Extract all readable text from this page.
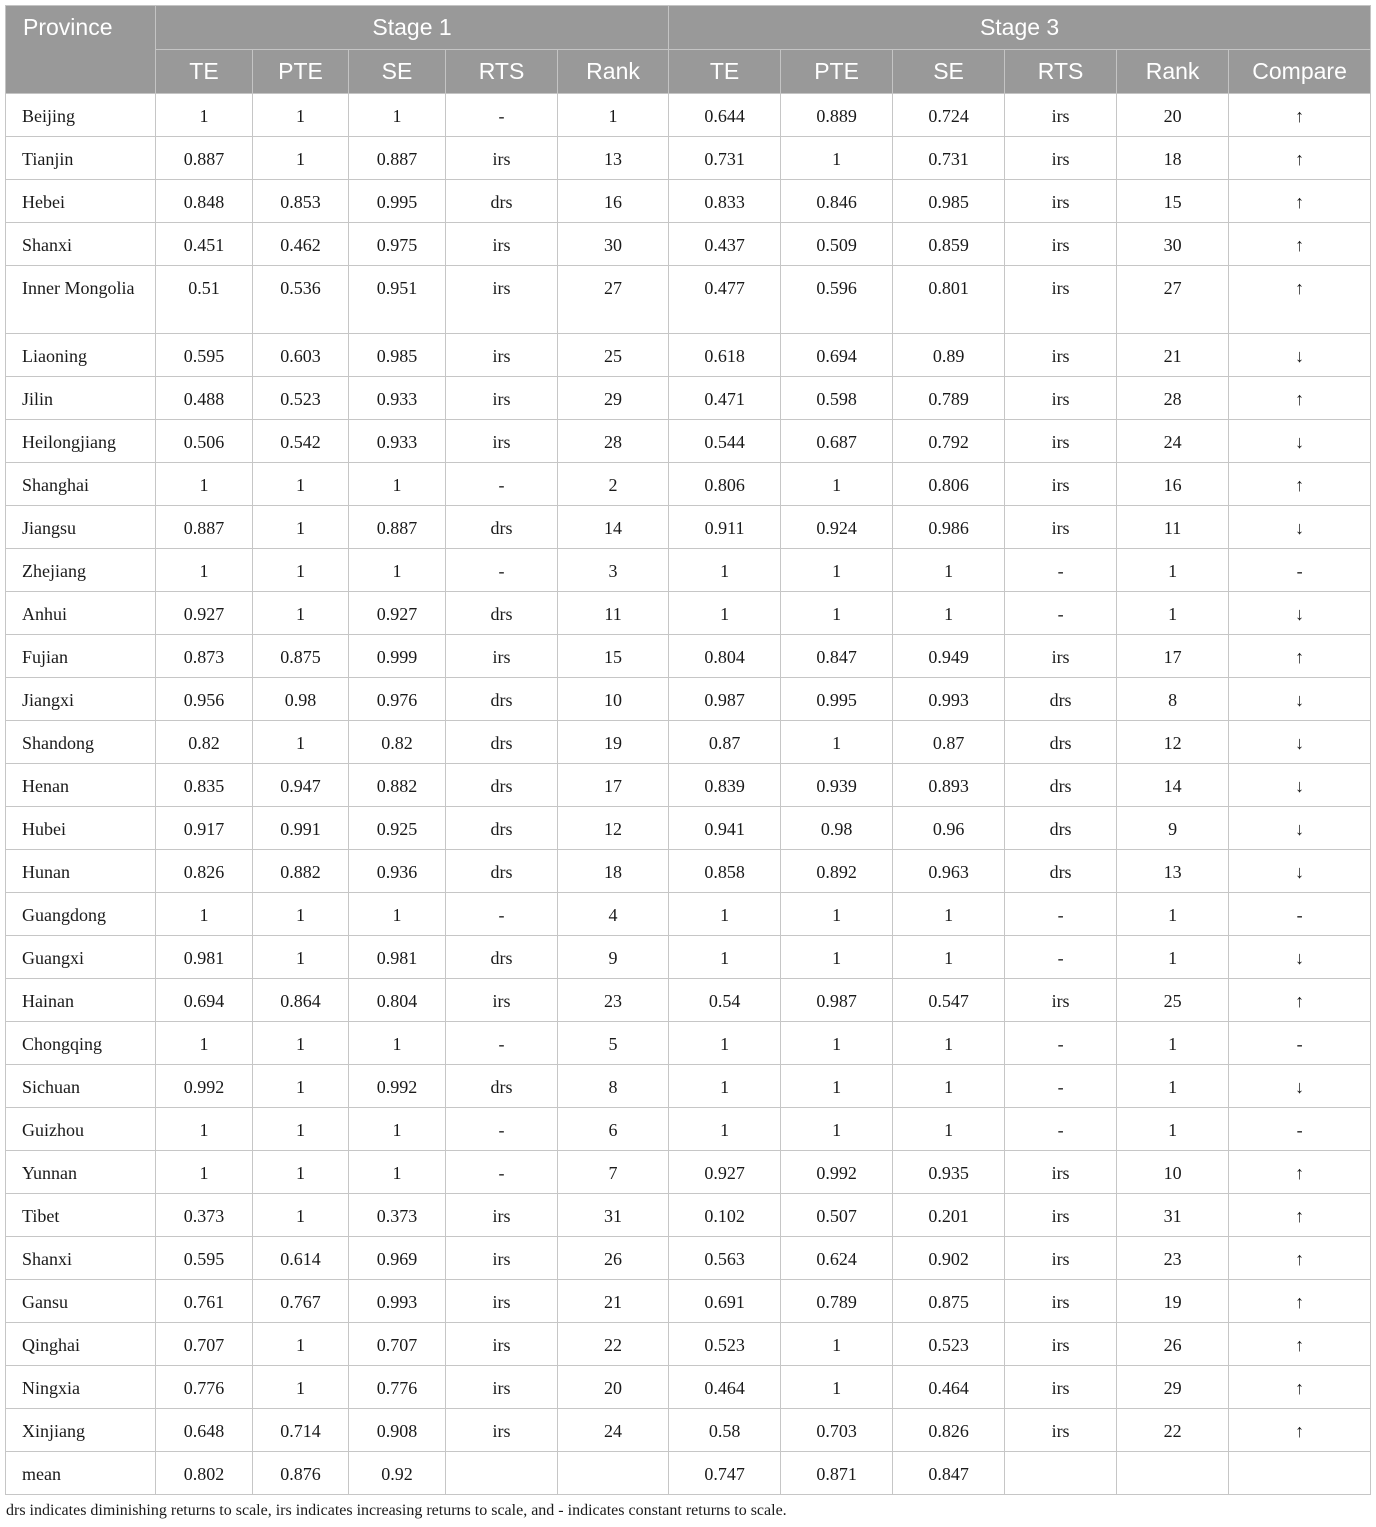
Province	Stage 1					Stage 3					
	TE	PTE	SE	RTS	Rank	TE	PTE	SE	RTS	Rank	Compare
Beijing	1	1	1	-	1	0.644	0.889	0.724	irs	20	↑
Tianjin	0.887	1	0.887	irs	13	0.731	1	0.731	irs	18	↑
Hebei	0.848	0.853	0.995	drs	16	0.833	0.846	0.985	irs	15	↑
Shanxi	0.451	0.462	0.975	irs	30	0.437	0.509	0.859	irs	30	↑
Inner Mongolia	0.51	0.536	0.951	irs	27	0.477	0.596	0.801	irs	27	↑
Liaoning	0.595	0.603	0.985	irs	25	0.618	0.694	0.89	irs	21	↓
Jilin	0.488	0.523	0.933	irs	29	0.471	0.598	0.789	irs	28	↑
Heilongjiang	0.506	0.542	0.933	irs	28	0.544	0.687	0.792	irs	24	↓
Shanghai	1	1	1	-	2	0.806	1	0.806	irs	16	↑
Jiangsu	0.887	1	0.887	drs	14	0.911	0.924	0.986	irs	11	↓
Zhejiang	1	1	1	-	3	1	1	1	-	1	-
Anhui	0.927	1	0.927	drs	11	1	1	1	-	1	↓
Fujian	0.873	0.875	0.999	irs	15	0.804	0.847	0.949	irs	17	↑
Jiangxi	0.956	0.98	0.976	drs	10	0.987	0.995	0.993	drs	8	↓
Shandong	0.82	1	0.82	drs	19	0.87	1	0.87	drs	12	↓
Henan	0.835	0.947	0.882	drs	17	0.839	0.939	0.893	drs	14	↓
Hubei	0.917	0.991	0.925	drs	12	0.941	0.98	0.96	drs	9	↓
Hunan	0.826	0.882	0.936	drs	18	0.858	0.892	0.963	drs	13	↓
Guangdong	1	1	1	-	4	1	1	1	-	1	-
Guangxi	0.981	1	0.981	drs	9	1	1	1	-	1	↓
Hainan	0.694	0.864	0.804	irs	23	0.54	0.987	0.547	irs	25	↑
Chongqing	1	1	1	-	5	1	1	1	-	1	-
Sichuan	0.992	1	0.992	drs	8	1	1	1	-	1	↓
Guizhou	1	1	1	-	6	1	1	1	-	1	-
Yunnan	1	1	1	-	7	0.927	0.992	0.935	irs	10	↑
Tibet	0.373	1	0.373	irs	31	0.102	0.507	0.201	irs	31	↑
Shanxi	0.595	0.614	0.969	irs	26	0.563	0.624	0.902	irs	23	↑
Gansu	0.761	0.767	0.993	irs	21	0.691	0.789	0.875	irs	19	↑
Qinghai	0.707	1	0.707	irs	22	0.523	1	0.523	irs	26	↑
Ningxia	0.776	1	0.776	irs	20	0.464	1	0.464	irs	29	↑
Xinjiang	0.648	0.714	0.908	irs	24	0.58	0.703	0.826	irs	22	↑
mean	0.802	0.876	0.92			0.747	0.871	0.847			
drs indicates diminishing returns to scale, irs indicates increasing returns to scale, and - indicates constant returns to scale.
